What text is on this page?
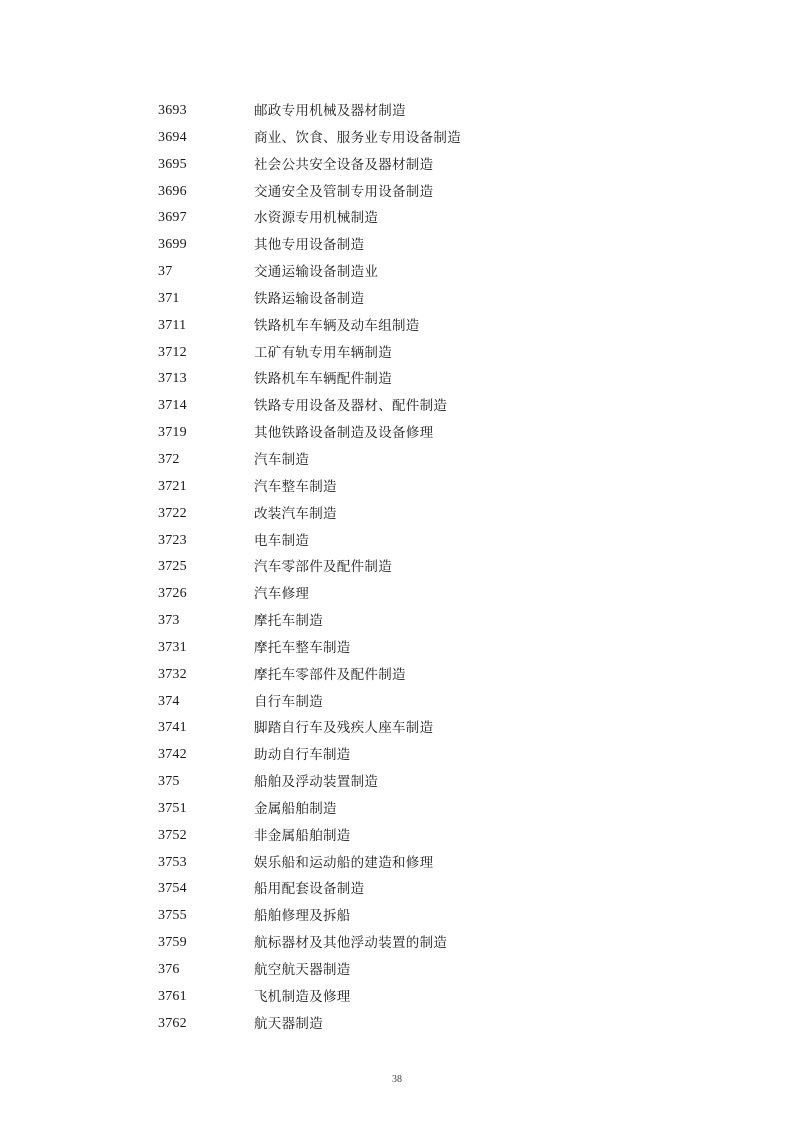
3693	邮政专用机械及器材制造
3694	商业、饮食、服务业专用设备制造
3695	社会公共安全设备及器材制造
3696	交通安全及管制专用设备制造
3697	水资源专用机械制造
3699	其他专用设备制造
37	交通运输设备制造业
371	铁路运输设备制造
3711	铁路机车车辆及动车组制造
3712	工矿有轨专用车辆制造
3713	铁路机车车辆配件制造
3714	铁路专用设备及器材、配件制造
3719	其他铁路设备制造及设备修理
372	汽车制造
3721	汽车整车制造
3722	改装汽车制造
3723	电车制造
3725	汽车零部件及配件制造
3726	汽车修理
373	摩托车制造
3731	摩托车整车制造
3732	摩托车零部件及配件制造
374	自行车制造
3741	脚踏自行车及残疾人座车制造
3742	助动自行车制造
375	船舶及浮动装置制造
3751	金属船舶制造
3752	非金属船舶制造
3753	娱乐船和运动船的建造和修理
3754	船用配套设备制造
3755	船舶修理及拆船
3759	航标器材及其他浮动装置的制造
376	航空航天器制造
3761	飞机制造及修理
3762	航天器制造
38
